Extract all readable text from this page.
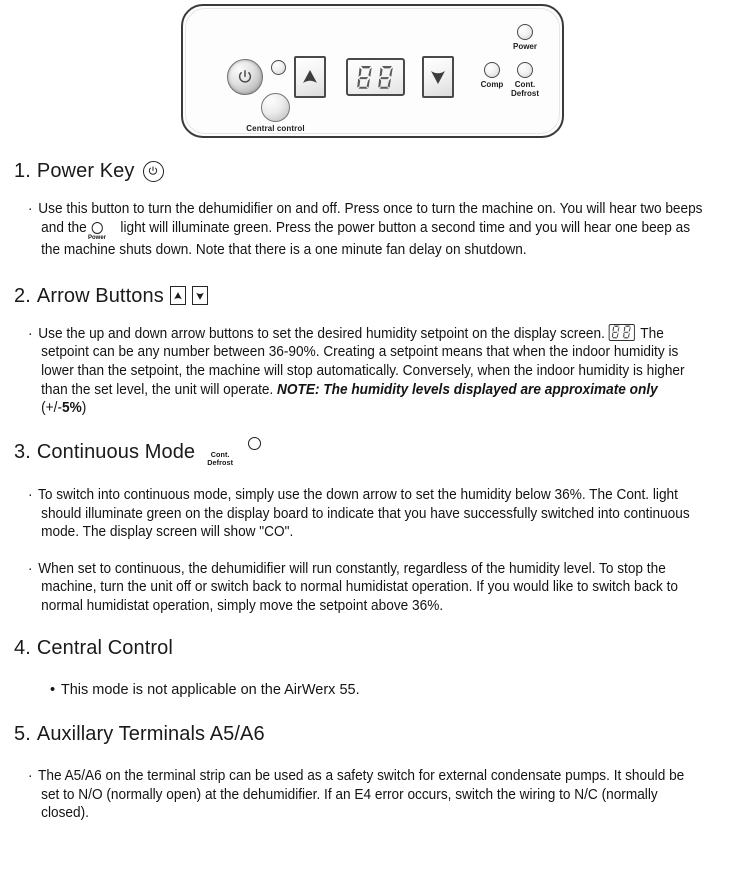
Central control
Power
Comp	Cont.
Defrost
1. Power Key

· Use this button to turn the dehumidifier on and off. Press once to turn the machine on. You will hear two beeps and the
Power
light will illuminate green. Press the power button a second time and you will hear one beep as the machine shuts down. Note that there is a one minute fan delay on shutdown.

2. Arrow Buttons

· Use the up and down arrow buttons to set the desired humidity setpoint on the display screen.
The setpoint can be any number between 36-90%. Creating a setpoint means that when the indoor humidity is lower than the setpoint, the machine will stop automatically. Conversely, when the indoor humidity is higher than the set level, the unit will operate. NOTE: The humidity levels displayed are approximate only (+/-5%)

3. Continuous Mode

	Cont.

Defrost

· To switch into continuous mode, simply use the down arrow to set the humidity below 36%. The Cont. light should illuminate green on the display board to indicate that you have successfully switched into continuous mode. The display screen will show "CO".

· When set to continuous, the dehumidifier will run constantly, regardless of the humidity level. To stop the machine, turn the unit off or switch back to normal humidistat operation. If you would like to switch back to normal humidistat operation, simply move the setpoint above 36%.

4. Central Control

• This mode is not applicable on the AirWerx 55.

5. Auxillary Terminals A5/A6

· The A5/A6 on the terminal strip can be used as a safety switch for external condensate pumps. It should be set to N/O (normally open) at the dehumidifier. If an E4 error occurs, switch the wiring to N/C (normally closed).
